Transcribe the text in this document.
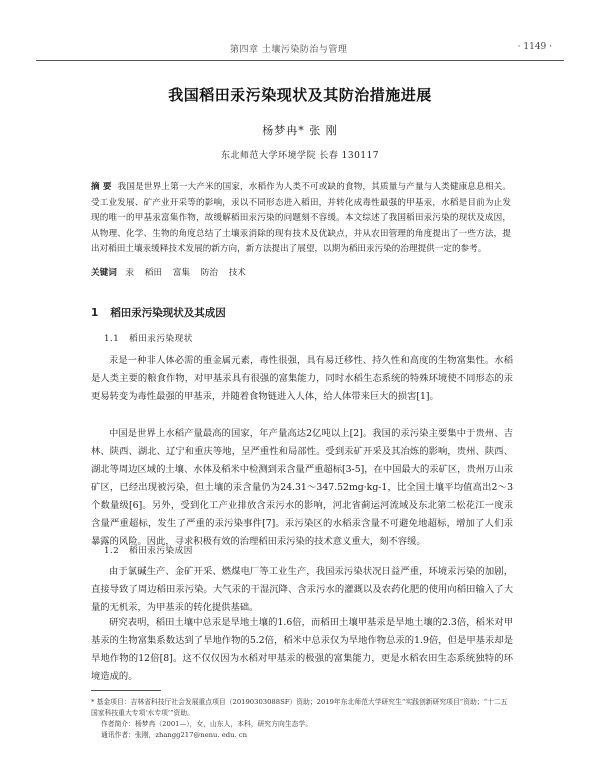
第四章 土壤污染防治与管理	· 1149 ·
我国稻田汞污染现状及其防治措施进展
杨梦冉* 张 刚
东北师范大学环境学院 长春 130117
摘 要 我国是世界上第一大产米的国家，水稻作为人类不可或缺的食物，其质量与产量与人类健康息息相关。受工业发展、矿产业开采等的影响，汞以不同形态进入稻田，并转化成毒性最强的甲基汞，水稻是目前为止发现的唯一的甲基汞富集作物，故缓解稻田汞污染的问题刻不容缓。本文综述了我国稻田汞污染的现状及成因，从物理、化学、生物的角度总结了土壤汞消除的现有技术及优缺点，并从农田管理的角度提出了一些方法，提出对稻田土壤汞缓释技术发展的新方向，新方法提出了展望，以期为稻田汞污染的治理提供一定的参考。
关键词 汞 稻田 富集 防治 技术
1 稻田汞污染现状及其成因
1.1 稻田汞污染现状
汞是一种非人体必需的重金属元素，毒性很强，具有易迁移性、持久性和高度的生物富集性。水稻是人类主要的粮食作物，对甲基汞具有很强的富集能力，同时水稻生态系统的特殊环境使不同形态的汞更易转变为毒性最强的甲基汞，并随着食物链进入人体，给人体带来巨大的损害[1]。
中国是世界上水稻产量最高的国家，年产量高达2亿吨以上[2]。我国的汞污染主要集中于贵州、吉林、陕西、湖北、辽宁和重庆等地，呈严重性和局部性。受到汞矿开采及其冶炼的影响，贵州、陕西、湖北等周边区域的土壤、水体及稻米中检测到汞含量严重超标[3-5]，在中国最大的汞矿区，贵州万山汞矿区，已经出现被污染，但土壤的汞含量仍为24.31～347.52mg·kg-1，比全国土壤平均值高出2～3个数量级[6]。另外，受到化工产业排放含汞污水的影响，河北省蓟运河流域及东北第二松花江一度汞含量严重超标，发生了严重的汞污染事件[7]。汞污染区的水稻汞含量不可避免地超标，增加了人们汞暴露的风险。因此，寻求积极有效的治理稻田汞污染的技术意义重大，刻不容缓。
1.2 稻田汞污染成因
由于氯碱生产、金矿开采、燃煤电厂等工业生产，我国汞污染状况日益严重，环境汞污染的加剧，直接导致了周边稻田汞污染。大气汞的干湿沉降、含汞污水的灌溉以及农药化肥的使用向稻田输入了大量的无机汞，为甲基汞的转化提供基础。
研究表明，稻田土壤中总汞是旱地土壤的1.6倍，而稻田土壤甲基汞是旱地土壤的2.3倍，稻米对甲基汞的生物富集系数达到了旱地作物的5.2倍，稻米中总汞仅为旱地作物总汞的1.9倍，但是甲基汞却是旱地作物的12倍[8]。这不仅仅因为水稻对甲基汞的极强的富集能力，更是水稻农田生态系统独特的环境造成的。
* 基金项目：吉林省科技厅社会发展重点项目（20190303088SF）资助；2019年东北师范大学研究生“实践创新研究项目”资助；“十二五国家科技重大专项‘水专项’”资助。
作者简介：杨梦冉（2001—），女，山东人，本科，研究方向生态学。
通讯作者：张刚，zhangg217@nenu. edu. cn
